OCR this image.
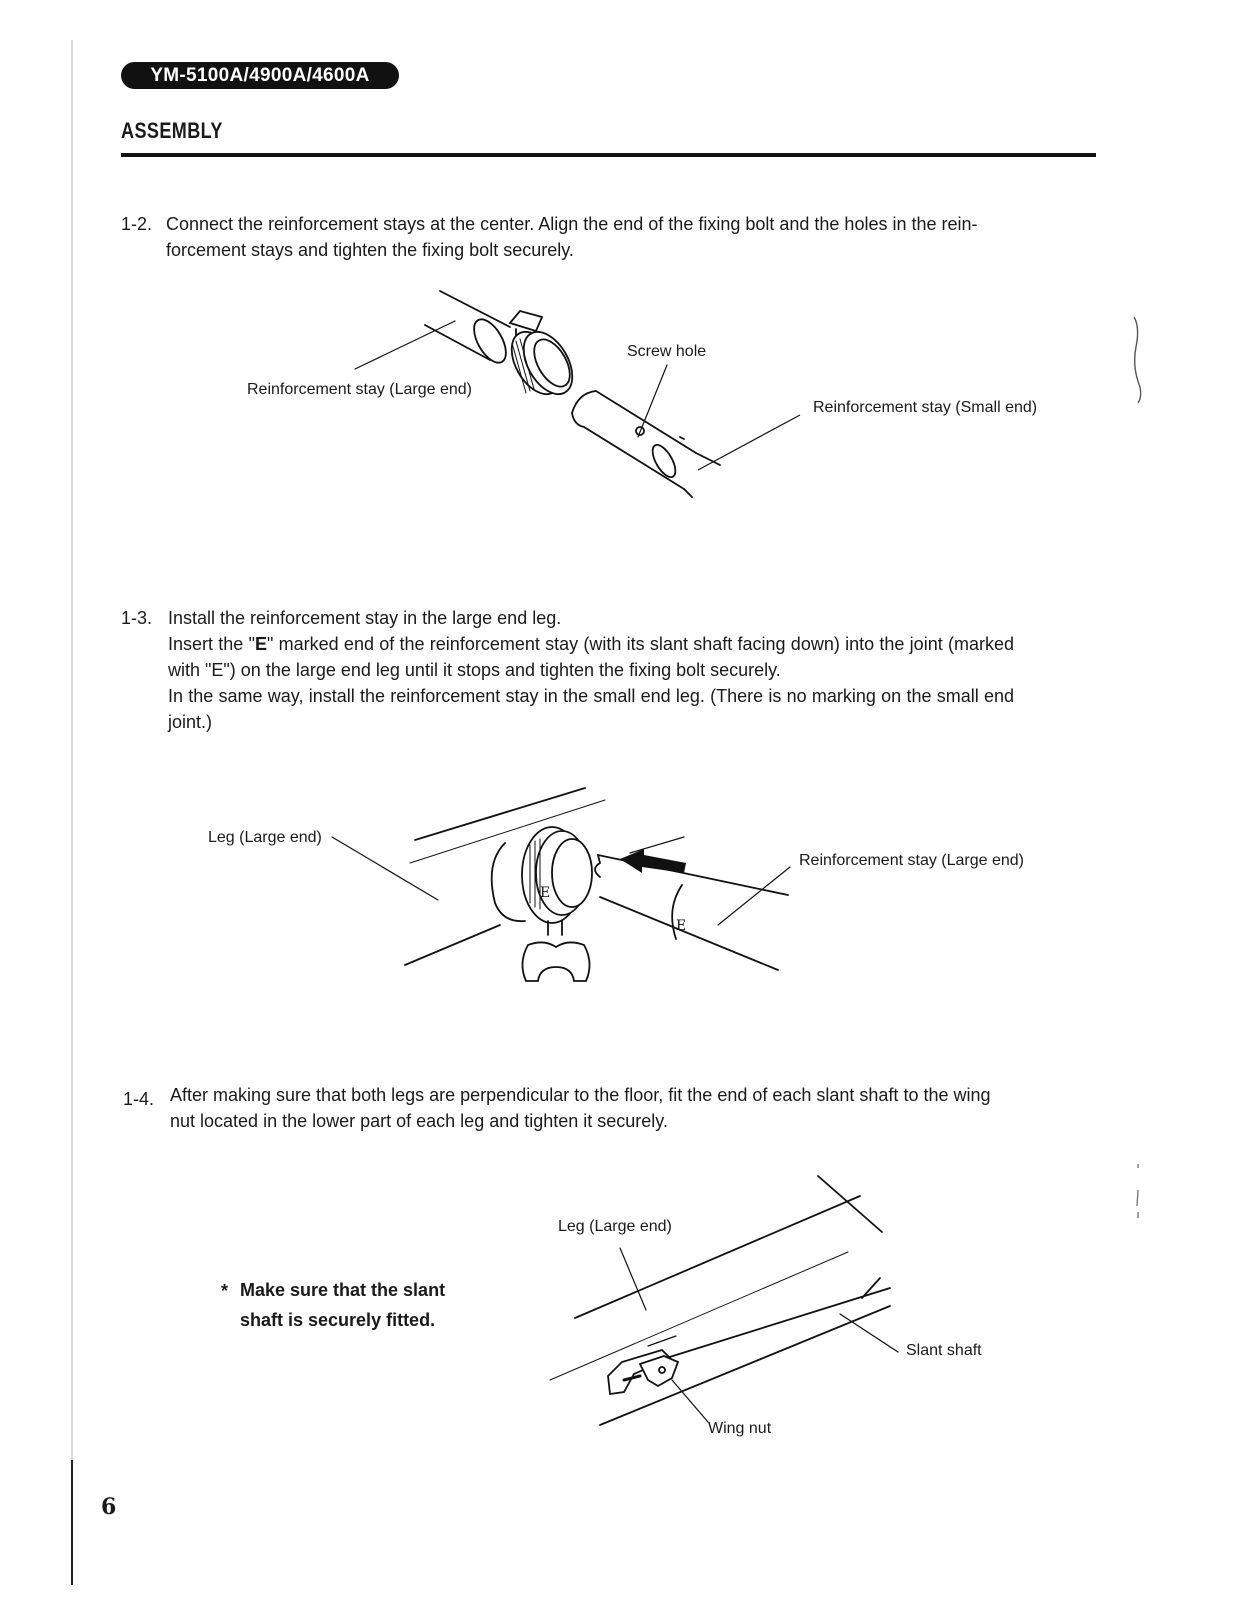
YM-5100A/4900A/4600A
ASSEMBLY
1-2. Connect the reinforcement stays at the center. Align the end of the fixing bolt and the holes in the rein-

forcement stays and tighten the fixing bolt securely.

Reinforcement stay (Large end)
Screw hole
Reinforcement stay (Small end)
1-3. Install the reinforcement stay in the large end leg.

Insert the "E" marked end of the reinforcement stay (with its slant shaft facing down) into the joint (marked with "E") on the large end leg until it stops and tighten the fixing bolt securely.

In the same way, install the reinforcement stay in the small end leg. (There is no marking on the small end joint.)

E
E
Leg (Large end)
Reinforcement stay (Large end)
1-4. After making sure that both legs are perpendicular to the floor, fit the end of each slant shaft to the wing

nut located in the lower part of each leg and tighten it securely.

* Make sure that the slant
shaft is securely fitted.
Leg (Large end)
Slant shaft
Wing nut
6
